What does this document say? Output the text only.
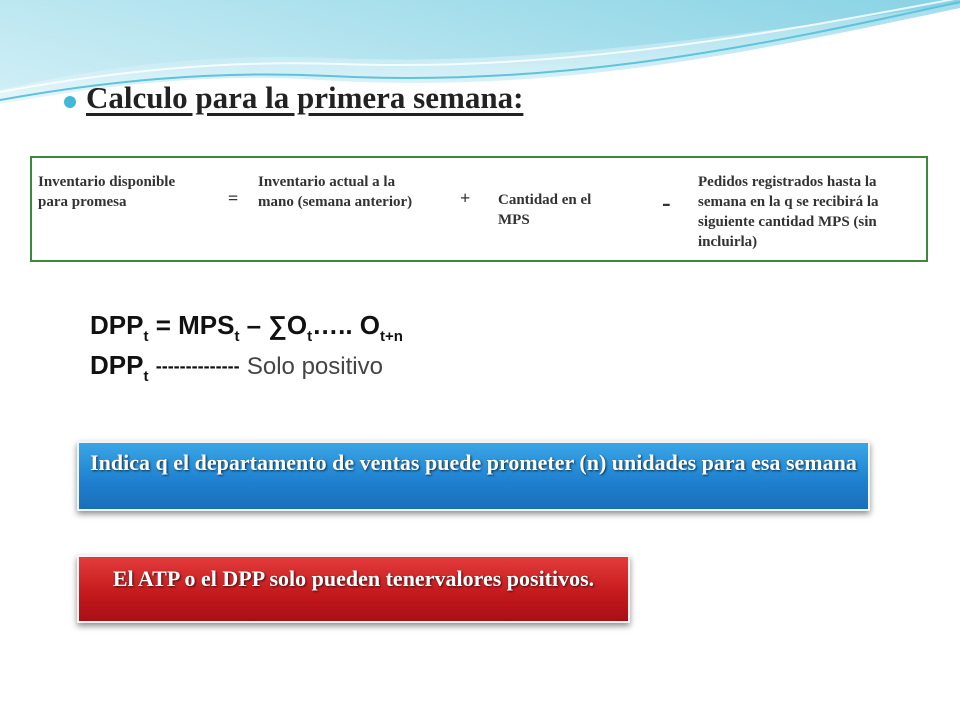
Calculo para la primera semana:
Inventario disponible
para promesa	=
Inventario actual a la
mano (semana anterior)	+ Cantidad en el
MPS
-
Pedidos registrados hasta la
semana en la q se recibirá la
siguiente cantidad MPS (sin
incluirla)
$DPP_t = MPS_t$ – $\sum O_t\dots$.. $O_{t+n}$
$DPP_t$ -------------- Solo positivo
Indica q el departamento de ventas puede prometer (n) unidades para esa semana
El ATP o el DPP solo pueden tenervalores positivos.
